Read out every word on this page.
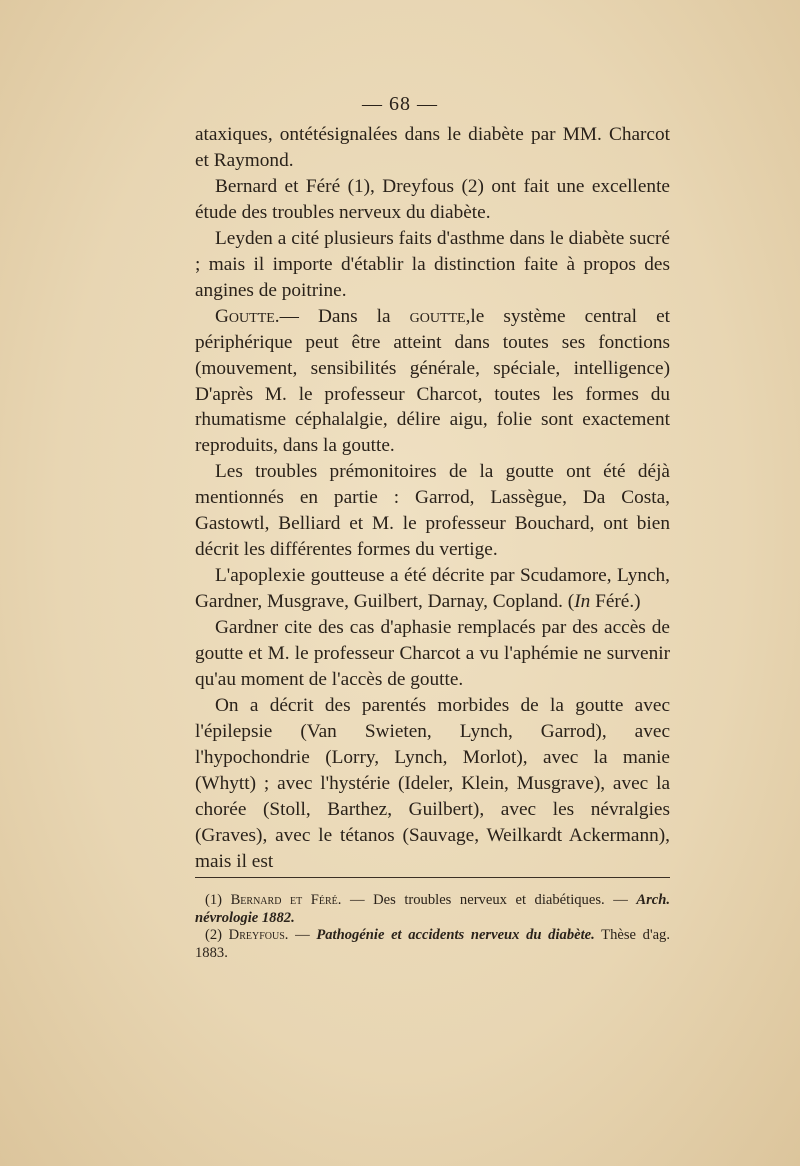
— 68 —

ataxiques, ontétésignalées dans le diabète par MM. Charcot et Raymond.

Bernard et Féré (1), Dreyfous (2) ont fait une excellente étude des troubles nerveux du diabète.

Leyden a cité plusieurs faits d'asthme dans le diabète sucré ; mais il importe d'établir la distinction faite à propos des angines de poitrine.

Goutte.— Dans la goutte,le système central et périphérique peut être atteint dans toutes ses fonctions (mouvement, sensibilités générale, spéciale, intelligence) D'après M. le professeur Charcot, toutes les formes du rhumatisme céphalalgie, délire aigu, folie sont exactement reproduits, dans la goutte.

Les troubles prémonitoires de la goutte ont été déjà mentionnés en partie : Garrod, Lassègue, Da Costa, Gastowtl, Belliard et M. le professeur Bouchard, ont bien décrit les différentes formes du vertige.

L'apoplexie goutteuse a été décrite par Scudamore, Lynch, Gardner, Musgrave, Guilbert, Darnay, Copland. (In Féré.)

Gardner cite des cas d'aphasie remplacés par des accès de goutte et M. le professeur Charcot a vu l'aphémie ne survenir qu'au moment de l'accès de goutte.

On a décrit des parentés morbides de la goutte avec l'épilepsie (Van Swieten, Lynch, Garrod), avec l'hypochondrie (Lorry, Lynch, Morlot), avec la manie (Whytt) ; avec l'hystérie (Ideler, Klein, Musgrave), avec la chorée (Stoll, Barthez, Guilbert), avec les névralgies (Graves), avec le tétanos (Sauvage, Weilkardt Ackermann), mais il est

(1) Bernard et Féré. — Des troubles nerveux et diabétiques. — Arch. névrologie 1882.

(2) Dreyfous. — Pathogénie et accidents nerveux du diabète. Thèse d'ag. 1883.
